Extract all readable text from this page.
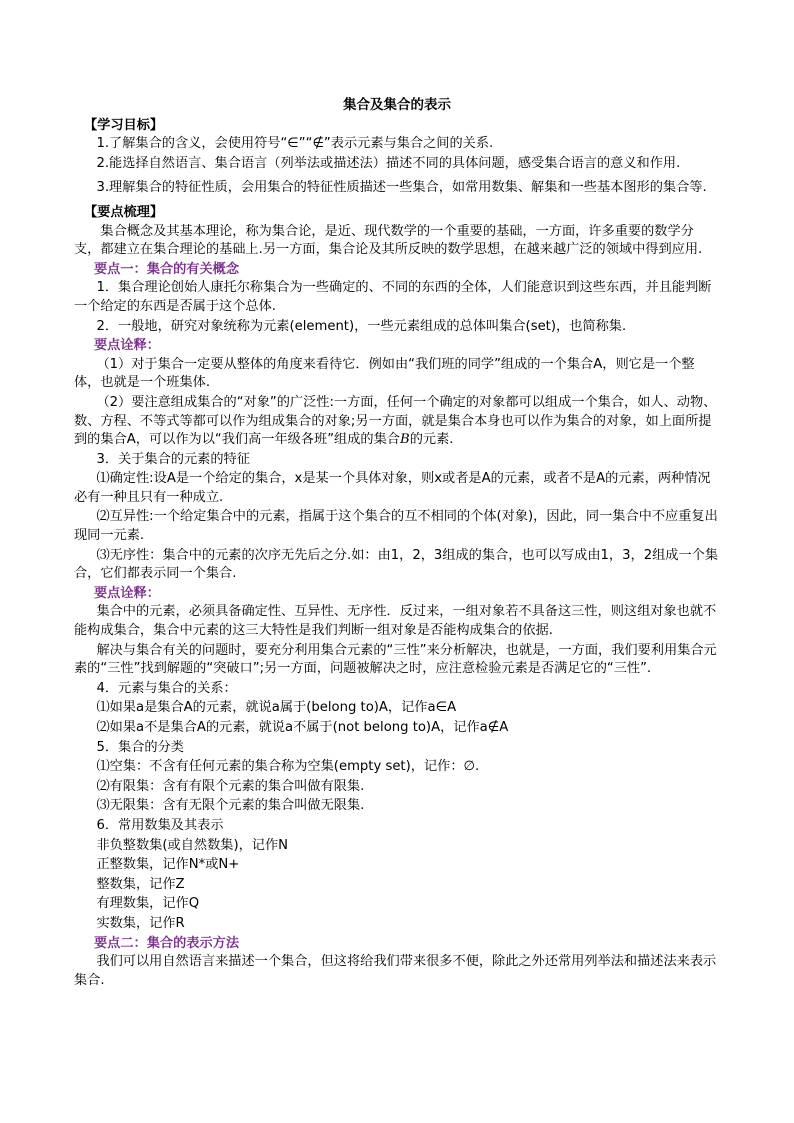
集合及集合的表示
【学习目标】
1.了解集合的含义，会使用符号“∈”“∉”表示元素与集合之间的关系.
2.能选择自然语言、集合语言（列举法或描述法）描述不同的具体问题，感受集合语言的意义和作用.
3.理解集合的特征性质，会用集合的特征性质描述一些集合，如常用数集、解集和一些基本图形的集合等.
【要点梳理】
集合概念及其基本理论，称为集合论，是近、现代数学的一个重要的基础，一方面，许多重要的数学分支，都建立在集合理论的基础上.另一方面，集合论及其所反映的数学思想，在越来越广泛的领域中得到应用.
要点一：集合的有关概念
1．集合理论创始人康托尔称集合为一些确定的、不同的东西的全体，人们能意识到这些东西，并且能判断一个给定的东西是否属于这个总体.
2．一般地，研究对象统称为元素(element)，一些元素组成的总体叫集合(set)，也简称集.
要点诠释：
（1）对于集合一定要从整体的角度来看待它．例如由“我们班的同学”组成的一个集合A，则它是一个整体，也就是一个班集体.
（2）要注意组成集合的“对象”的广泛性:一方面，任何一个确定的对象都可以组成一个集合，如人、动物、数、方程、不等式等都可以作为组成集合的对象;另一方面，就是集合本身也可以作为集合的对象，如上面所提到的集合A，可以作为以“我们高一年级各班”组成的集合B的元素.
3．关于集合的元素的特征
⑴确定性:设A是一个给定的集合，x是某一个具体对象，则x或者是A的元素，或者不是A的元素，两种情况必有一种且只有一种成立.
⑵互异性:一个给定集合中的元素，指属于这个集合的互不相同的个体(对象)，因此，同一集合中不应重复出现同一元素.
⑶无序性：集合中的元素的次序无先后之分.如：由1，2，3组成的集合，也可以写成由1，3，2组成一个集合，它们都表示同一个集合.
要点诠释：
集合中的元素，必须具备确定性、互异性、无序性．反过来，一组对象若不具备这三性，则这组对象也就不能构成集合，集合中元素的这三大特性是我们判断一组对象是否能构成集合的依据.
解决与集合有关的问题时，要充分利用集合元素的“三性”来分析解决，也就是，一方面，我们要利用集合元素的“三性”找到解题的“突破口”;另一方面，问题被解决之时，应注意检验元素是否满足它的“三性”.
4．元素与集合的关系：
⑴如果a是集合A的元素，就说a属于(belong to)A，记作a∈A
⑵如果a不是集合A的元素，就说a不属于(not belong to)A，记作a∉A
5．集合的分类
⑴空集：不含有任何元素的集合称为空集(empty set)，记作：∅.
⑵有限集：含有有限个元素的集合叫做有限集.
⑶无限集：含有无限个元素的集合叫做无限集.
6．常用数集及其表示
非负整数集(或自然数集)，记作N
正整数集，记作N*或N+
整数集，记作Z
有理数集，记作Q
实数集，记作R
要点二：集合的表示方法
我们可以用自然语言来描述一个集合，但这将给我们带来很多不便，除此之外还常用列举法和描述法来表示集合.
